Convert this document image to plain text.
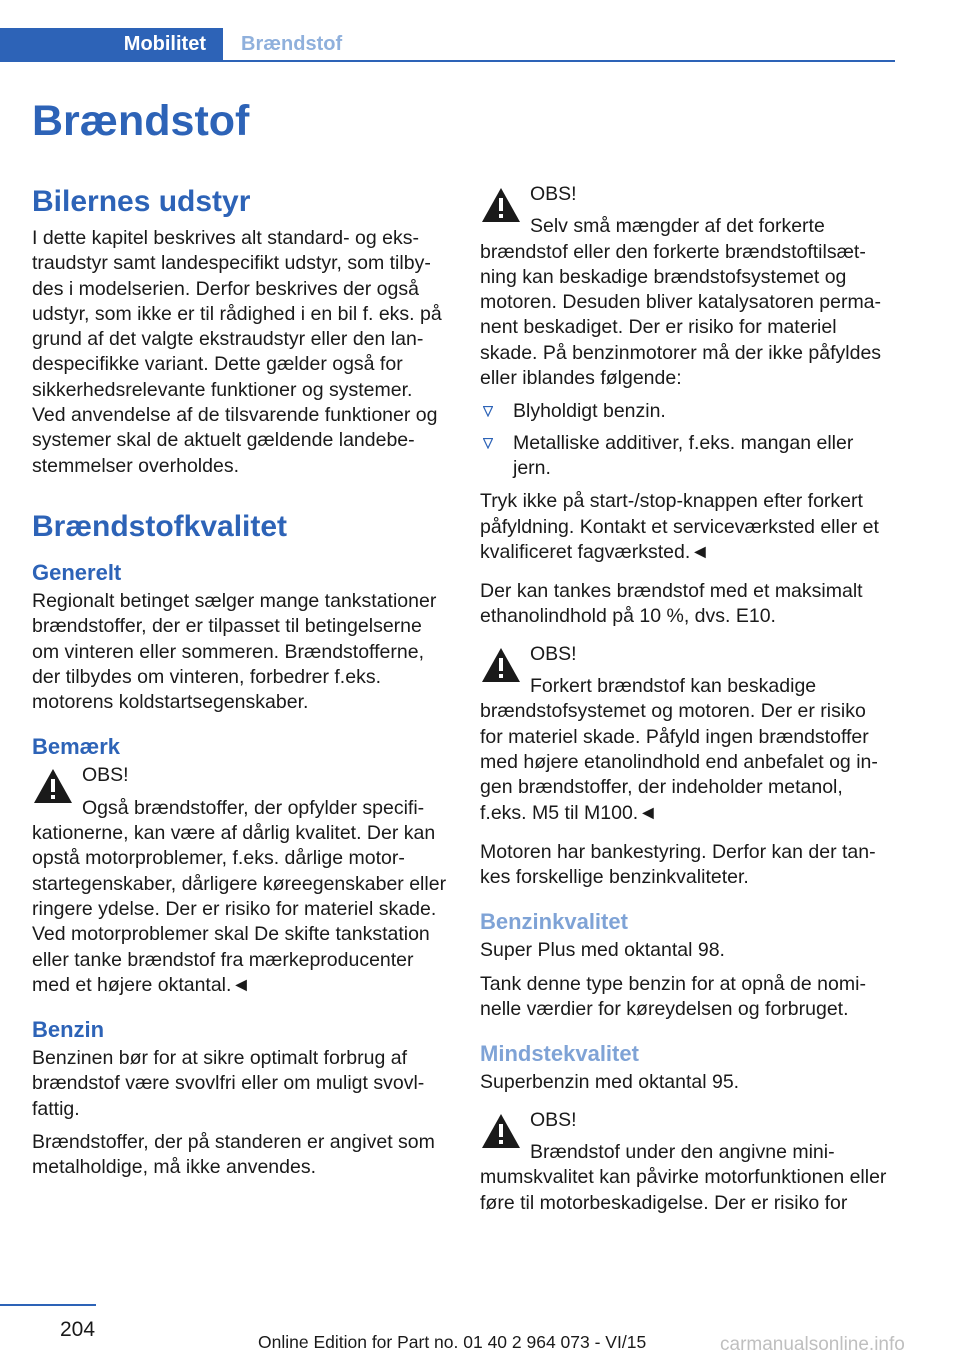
Mobilitet	Brændstof
Brændstof
Bilernes udstyr

I dette kapitel beskrives alt standard- og ekstraudstyr samt landespecifikt udstyr, som tilbydes i modelserien. Derfor beskrives der også udstyr, som ikke er til rådighed i en bil f. eks. på grund af det valgte ekstraudstyr eller den landespecifikke variant. Dette gælder også for sikkerhedsrelevante funktioner og systemer. Ved anvendelse af de tilsvarende funktioner og systemer skal de aktuelt gældende landebestemmelser overholdes.

Brændstofkvalitet
Generelt

Regionalt betinget sælger mange tankstationer brændstoffer, der er tilpasset til betingelserne om vinteren eller sommeren. Brændstofferne, der tilbydes om vinteren, forbedrer f.eks. motorens koldstartsegenskaber.

Bemærk
OBS!
Også brændstoffer, der opfylder specifikationerne, kan være af dårlig kvalitet. Der kan opstå motorproblemer, f.eks. dårlige motorstartegenskaber, dårligere køreegenskaber eller ringere ydelse. Der er risiko for materiel skade. Ved motorproblemer skal De skifte tankstation eller tanke brændstof fra mærkeproducenter med et højere oktantal.◄
Benzin

Benzinen bør for at sikre optimalt forbrug af brændstof være svovlfri eller om muligt svovlfattig.

Brændstoffer, der på standeren er angivet som metalholdige, må ikke anvendes.

OBS!
Selv små mængder af det forkerte brændstof eller den forkerte brændstoftilsætning kan beskadige brændstofsystemet og motoren. Desuden bliver katalysatoren permanent beskadiget. Der er risiko for materiel skade. På benzinmotorer må der ikke påfyldes eller iblandes følgende:
Blyholdigt benzin.
Metalliske additiver, f.eks. mangan eller jern.

Tryk ikke på start-/stop-knappen efter forkert påfyldning. Kontakt et serviceværksted eller et kvalificeret fagværksted.◄

Der kan tankes brændstof med et maksimalt ethanolindhold på 10 %, dvs. E10.

OBS!
Forkert brændstof kan beskadige brændstofsystemet og motoren. Der er risiko for materiel skade. Påfyld ingen brændstoffer med højere etanolindhold end anbefalet og ingen brændstoffer, der indeholder metanol, f.eks. M5 til M100.◄

Motoren har bankestyring. Derfor kan der tankes forskellige benzinkvaliteter.

Benzinkvalitet

Super Plus med oktantal 98.

Tank denne type benzin for at opnå de nominelle værdier for køreydelsen og forbruget.

Mindstekvalitet

Superbenzin med oktantal 95.

OBS!
Brændstof under den angivne minimumskvalitet kan påvirke motorfunktionen eller føre til motorbeskadigelse. Der er risiko for
204
Online Edition for Part no. 01 40 2 964 073 - VI/15	carmanualsonline.info
